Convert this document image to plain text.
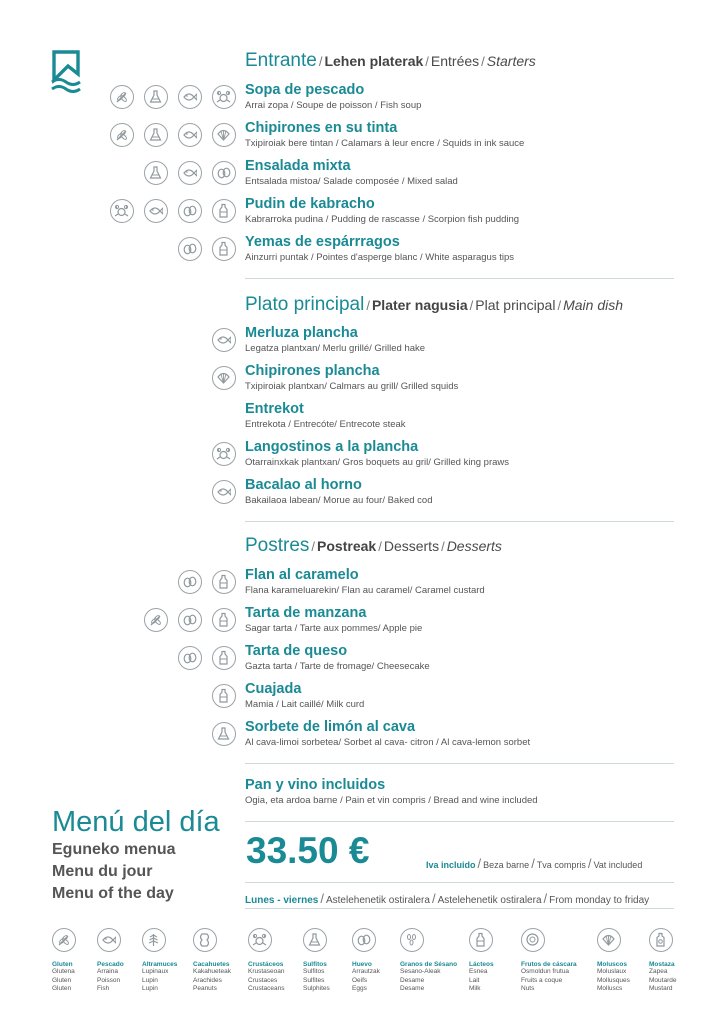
Entrante / Lehen platerak / Entrées / Starters
Sopa de pescado
Arrai zopa / Soupe de poisson / Fish soup
Chipirones en su tinta
Txipiroiak bere tintan / Calamars à leur encre / Squids in ink sauce
Ensalada mixta
Entsalada mistoa/ Salade composée / Mixed salad
Pudin de kabracho
Kabrarroka pudina / Pudding de rascasse / Scorpion fish pudding
Yemas de espárrragos
Ainzurri puntak / Pointes d'asperge blanc / White asparagus tips
Plato principal / Plater nagusia / Plat principal / Main dish
Merluza plancha
Legatza plantxan/ Merlu grillé/ Grilled hake
Chipirones plancha
Txipiroiak plantxan/ Calmars au grill/ Grilled squids
Entrekot
Entrekota / Entrecóte/ Entrecote steak
Langostinos a la plancha
Otarrainxkak plantxan/ Gros boquets au gril/ Grilled king praws
Bacalao al horno
Bakailaoa labean/ Morue au four/ Baked cod
Postres / Postreak / Desserts / Desserts
Flan al caramelo
Flana karameluarekin/ Flan au caramel/ Caramel custard
Tarta de manzana
Sagar tarta / Tarte aux pommes/ Apple pie
Tarta de queso
Gazta tarta / Tarte de fromage/ Cheesecake
Cuajada
Mamia / Lait caillé/ Milk curd
Sorbete de limón al cava
Al cava-limoi sorbetea/ Sorbet al cava- citron / Al cava-lemon sorbet
Pan y vino incluidos
Ogia, eta ardoa barne / Pain et vin compris / Bread and wine included
Menú del día
Eguneko menua
Menu du jour
Menu of the day
33.50 €	Iva incluido / Beza barne / Tva compris / Vat included
Lunes - viernes / Astelehenetik ostiralera / Astelehenetik ostiralera / From monday to friday
Gluten
Glutena
Gluten
Gluten
Pescado
Arraina
Poisson
Fish
Altramuces
Lupinaux
Lupin
Lupin
Cacahuetes
Kakahueteak
Arachides
Peanuts
Crustáceos
Krustaseoan
Crustaces
Crustaceans
Sulfitos
Sulfitos
Sulfites
Sulphites
Huevo
Arrautzak
Oeifs
Eggs
Granos de Sésano
Sesano-Aleak
Desame
Desame
Lácteos
Esnea
Lait
Milk
Frutos de cáscara
Osmoldun frutua
Fruits a coque
Nuts
Moluscos
Moluslaux
Mollusques
Molluscs
Mostaza
Zapea
Moutarde
Mustard
